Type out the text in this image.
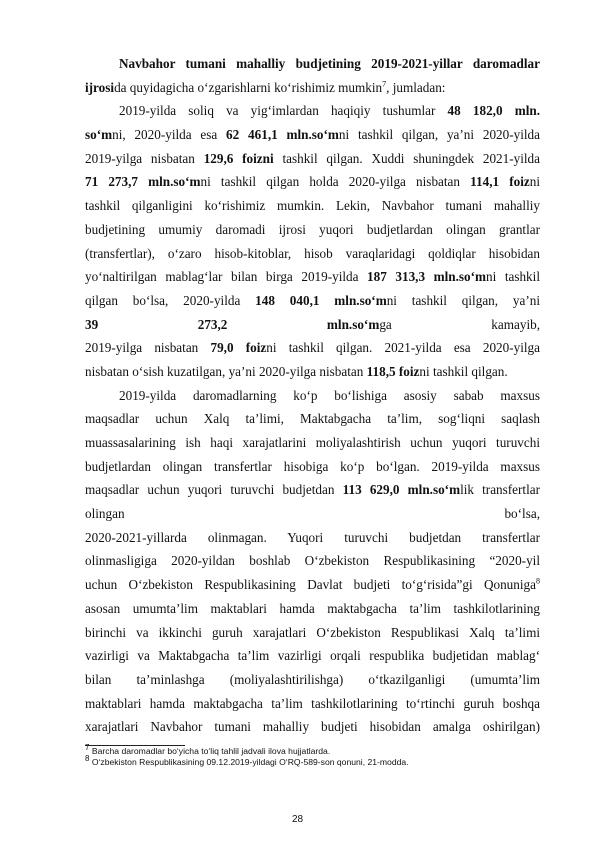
Navbahor tumani mahalliy budjetining 2019-2021-yillar daromadlar
ijrosida quyidagicha o‘zgarishlarni ko‘rishimiz mumkin$^7$, jumladan:
2019-yilda soliq va yig‘imlardan haqiqiy tushumlar 48 182,0 mln.
so‘mni, 2020-yilda esa 62 461,1 mln.so‘mni tashkil qilgan, ya’ni 2020-yilda
2019-yilga nisbatan 129,6 foizni tashkil qilgan. Xuddi shuningdek 2021-yilda
71 273,7 mln.so‘mni tashkil qilgan holda 2020-yilga nisbatan 114,1 foizni
tashkil qilganligini ko‘rishimiz mumkin. Lekin, Navbahor tumani mahalliy
budjetining umumiy daromadi ijrosi yuqori budjetlardan olingan grantlar
(transfertlar), o‘zaro hisob-kitoblar, hisob varaqlaridagi qoldiqlar hisobidan
yo‘naltirilgan mablag‘lar bilan birga 2019-yilda 187 313,3 mln.so‘mni tashkil
qilgan bo‘lsa, 2020-yilda 148 040,1 mln.so‘mni tashkil qilgan, ya’ni
39 273,2 mln.so‘mga kamayib,
2019-yilga nisbatan 79,0 foizni tashkil qilgan. 2021-yilda esa 2020-yilga
nisbatan o‘sish kuzatilgan, ya’ni 2020-yilga nisbatan 118,5 foizni tashkil qilgan.
2019-yilda daromadlarning ko‘p bo‘lishiga asosiy sabab maxsus
maqsadlar uchun Xalq ta’limi, Maktabgacha ta’lim, sog‘liqni saqlash
muassasalarining ish haqi xarajatlarini moliyalashtirish uchun yuqori turuvchi
budjetlardan olingan transfertlar hisobiga ko‘p bo‘lgan. 2019-yilda maxsus
maqsadlar uchun yuqori turuvchi budjetdan 113 629,0 mln.so‘mlik transfertlar
olingan bo‘lsa,
2020-2021-yillarda olinmagan. Yuqori turuvchi budjetdan transfertlar
olinmasligiga 2020-yildan boshlab O‘zbekiston Respublikasining “2020-yil
uchun O‘zbekiston Respublikasining Davlat budjeti to‘g‘risida”gi Qonuniga$^8$
asosan umumta’lim maktablari hamda maktabgacha ta’lim tashkilotlarining
birinchi va ikkinchi guruh xarajatlari O‘zbekiston Respublikasi Xalq ta’limi
vazirligi va Maktabgacha ta’lim vazirligi orqali respublika budjetidan mablag‘
bilan ta’minlashga (moliyalashtirilishga) o‘tkazilganligi (umumta’lim
maktablari hamda maktabgacha ta’lim tashkilotlarining to‘rtinchi guruh boshqa
xarajatlari Navbahor tumani mahalliy budjeti hisobidan amalga oshirilgan)
$^7$ Barcha daromadlar bo‘yicha to‘liq tahlil jadvali ilova hujjatlarda.
$^8$ O‘zbekiston Respublikasining 09.12.2019-yildagi O‘RQ-589-son qonuni, 21-modda.
28
